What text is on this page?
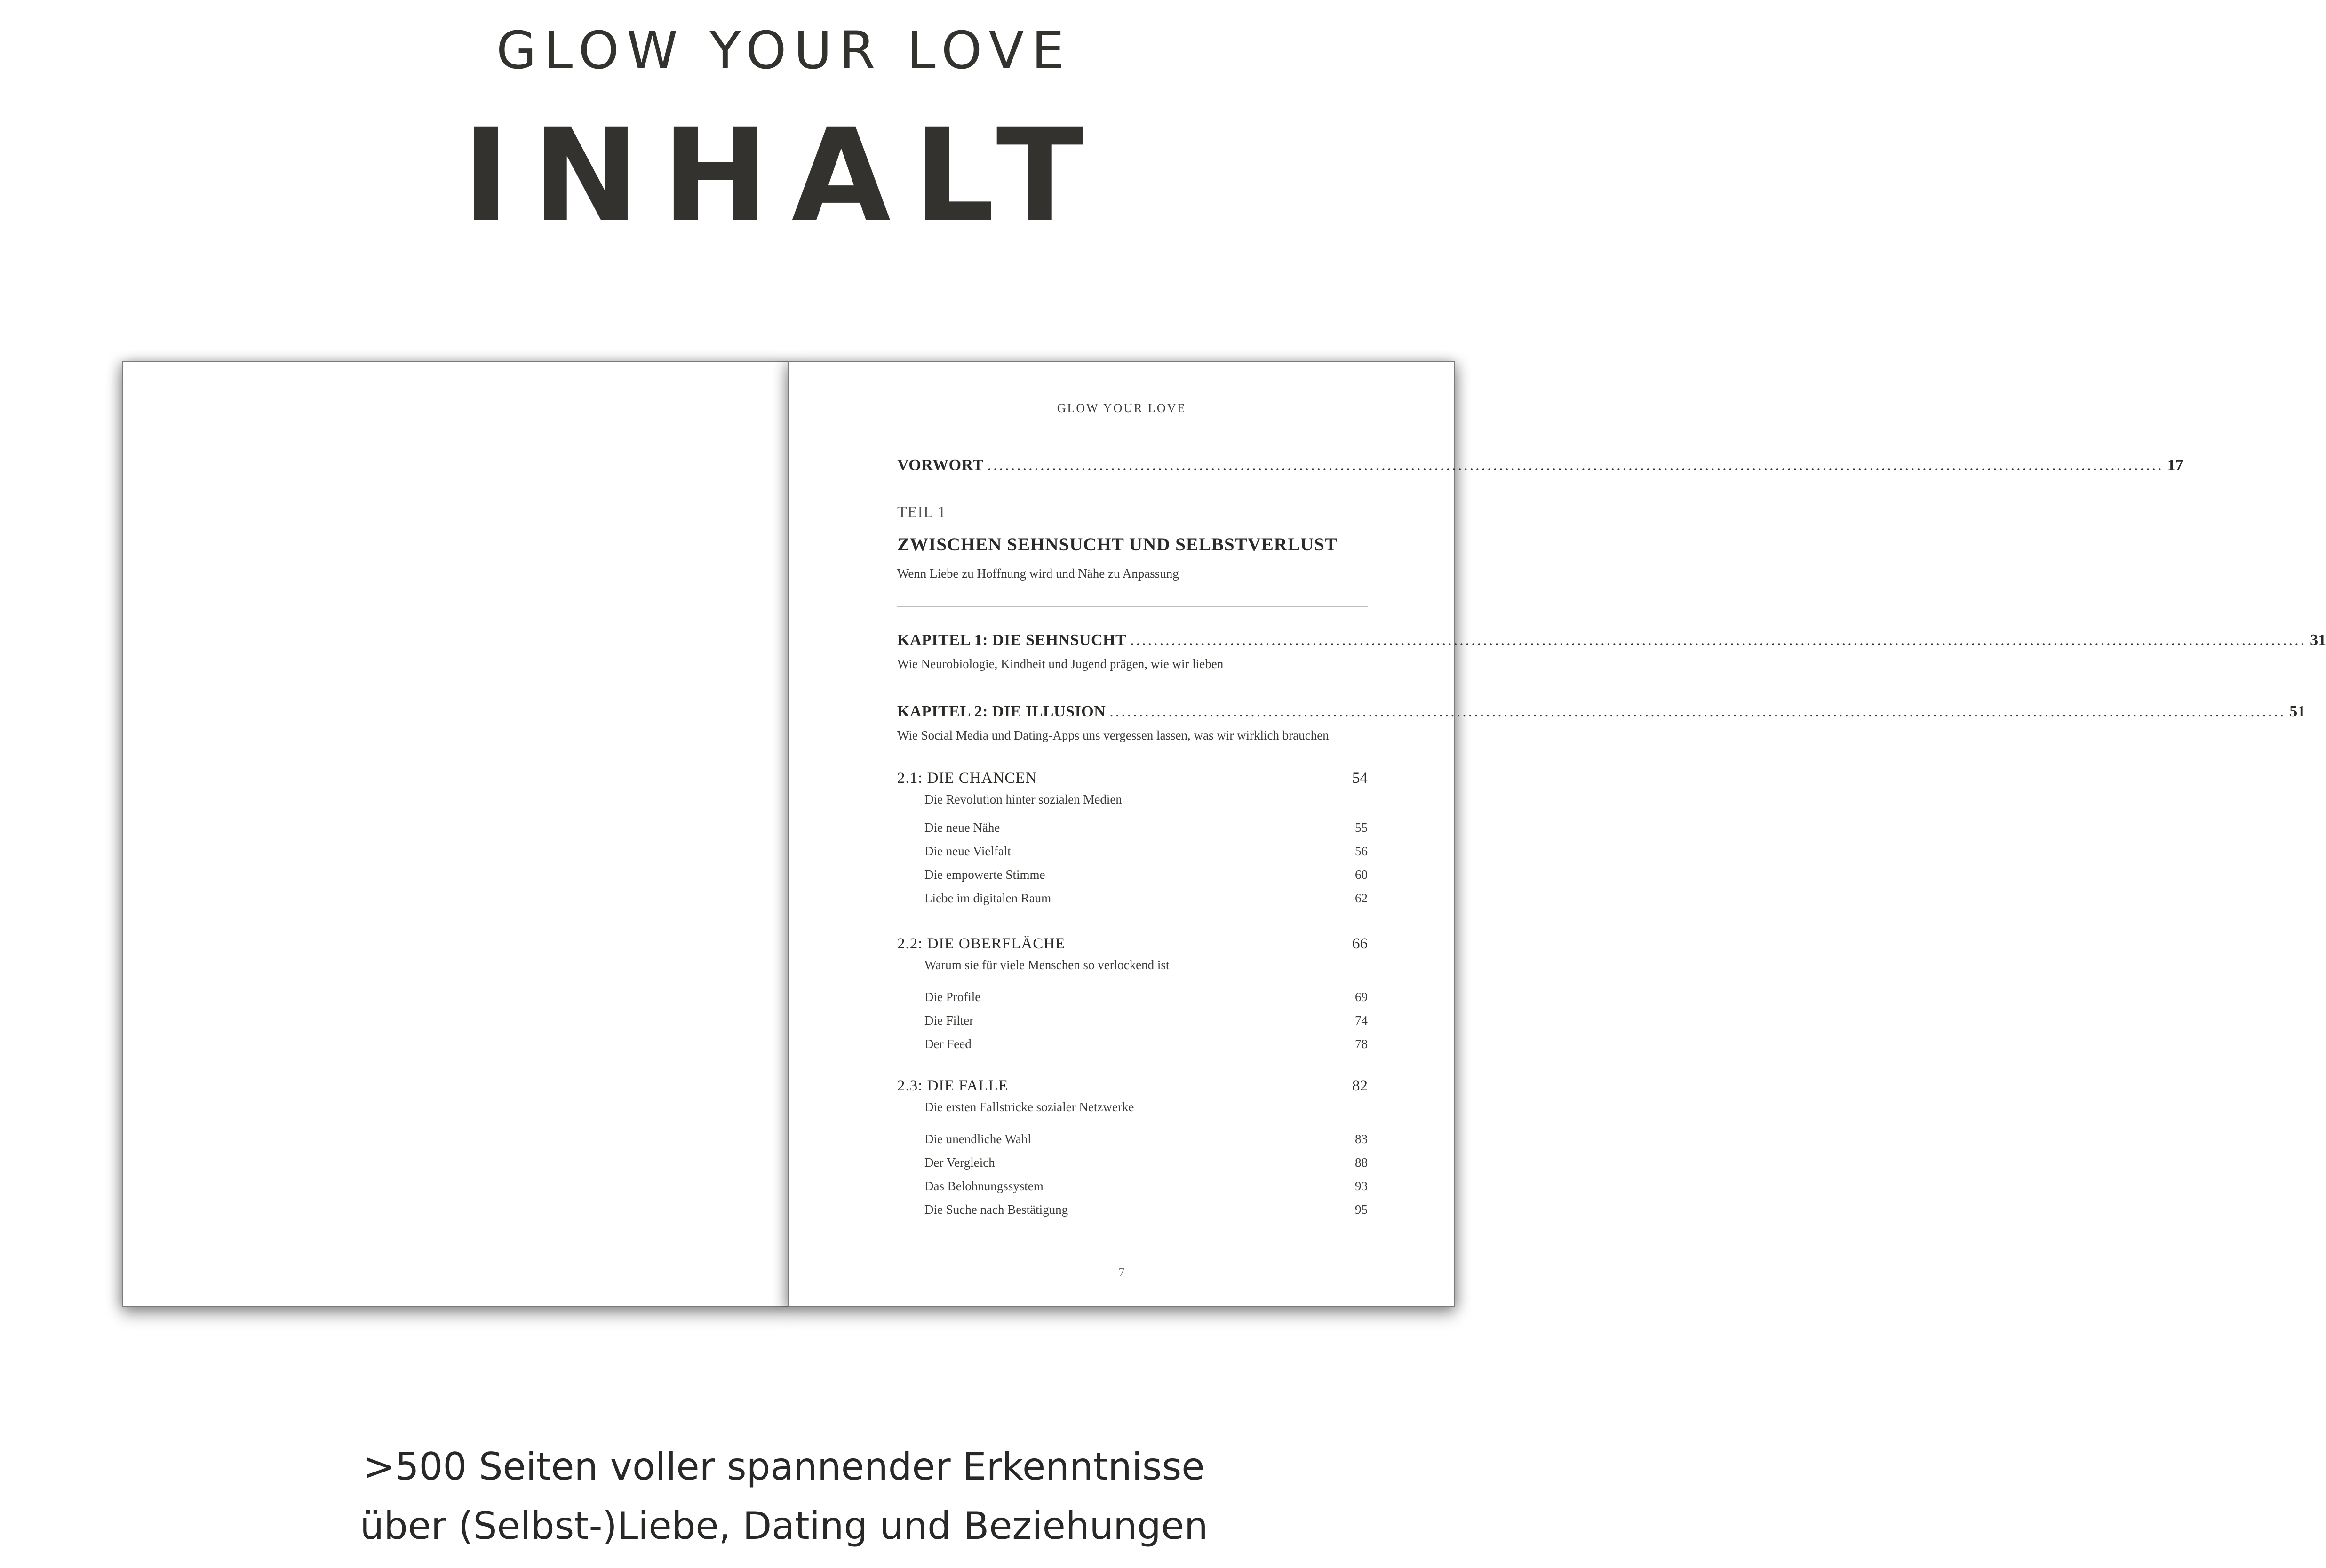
GLOW YOUR LOVE
INHALT
GLOW YOUR LOVE
VORWORT ........................................................................................................................................................................................................ 17
TEIL 1
ZWISCHEN SEHNSUCHT UND SELBSTVERLUST
Wenn Liebe zu Hoffnung wird und Nähe zu Anpassung
KAPITEL 1: DIE SEHNSUCHT ........................................................................................................................................................................................................ 31
Wie Neurobiologie, Kindheit und Jugend prägen, wie wir lieben
KAPITEL 2: DIE ILLUSION ........................................................................................................................................................................................................ 51
Wie Social Media und Dating-Apps uns vergessen lassen, was wir wirklich brauchen
2.1: DIE CHANCEN	54
Die Revolution hinter sozialen Medien
Die neue Nähe	55
Die neue Vielfalt	56
Die empowerte Stimme	60
Liebe im digitalen Raum	62
2.2: DIE OBERFLÄCHE	66
Warum sie für viele Menschen so verlockend ist
Die Profile	69
Die Filter	74
Der Feed	78
2.3: DIE FALLE	82
Die ersten Fallstricke sozialer Netzwerke
Die unendliche Wahl	83
Der Vergleich	88
Das Belohnungssystem	93
Die Suche nach Bestätigung	95
7
>500 Seiten voller spannender Erkenntnisse
über (Selbst-)Liebe, Dating und Beziehungen
